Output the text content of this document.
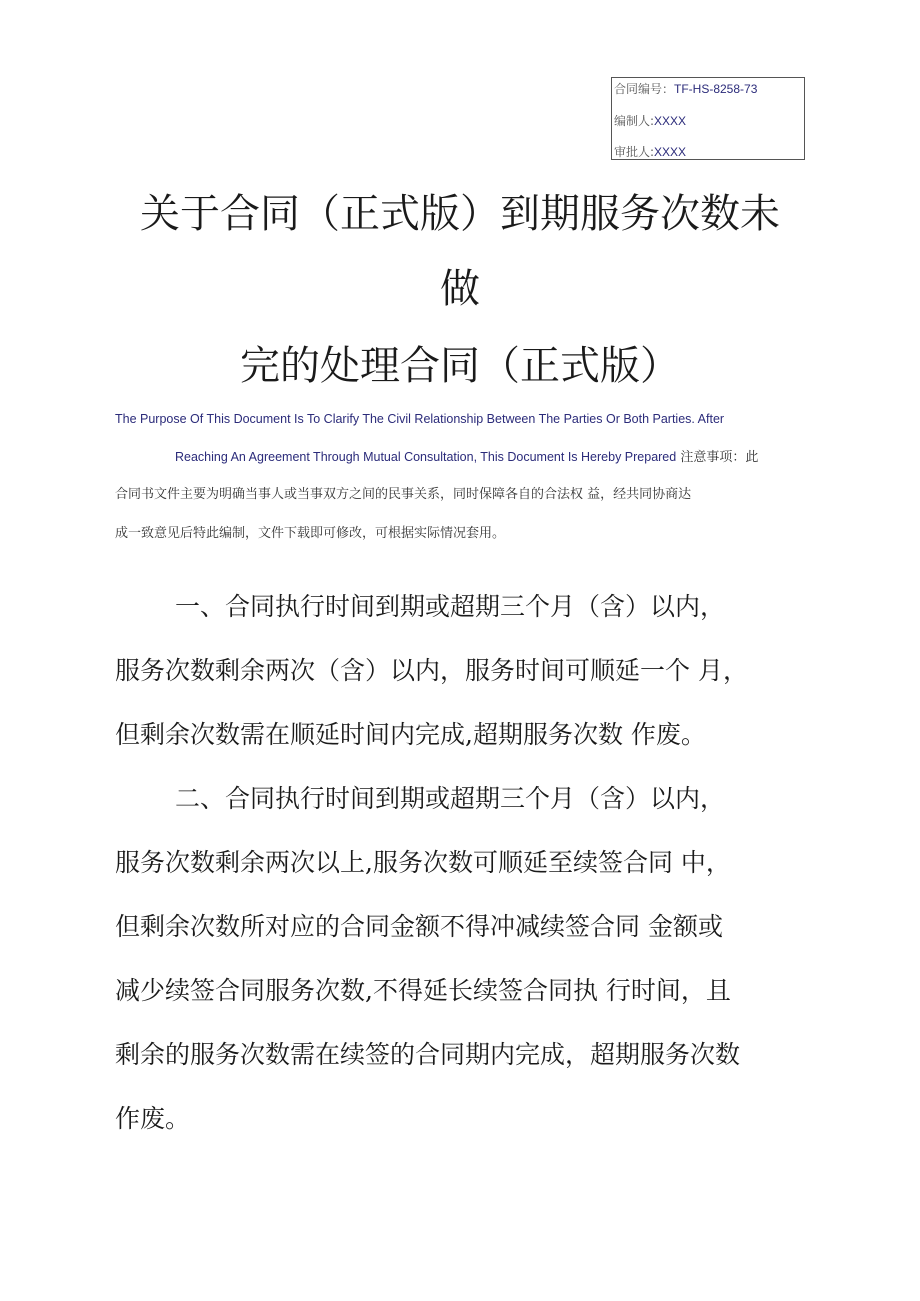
合同编号：TF-HS-8258-73
编制人:XXXX
审批人:XXXX
关于合同（正式版）到期服务次数未
做
完的处理合同（正式版）
The Purpose Of This Document Is To Clarify The Civil Relationship Between The Parties Or Both Parties. After
Reaching An Agreement Through Mutual Consultation, This Document Is Hereby Prepared 注意事项：此
合同书文件主要为明确当事人或当事双方之间的民事关系，同时保障各自的合法权 益，经共同协商达
成一致意见后特此编制，文件下载即可修改，可根据实际情况套用。
一、合同执行时间到期或超期三个月（含）以内，
服务次数剩余两次（含）以内，服务时间可顺延一个 月，
但剩余次数需在顺延时间内完成,超期服务次数 作废。
二、合同执行时间到期或超期三个月（含）以内，
服务次数剩余两次以上,服务次数可顺延至续签合同 中，
但剩余次数所对应的合同金额不得冲减续签合同 金额或
减少续签合同服务次数,不得延长续签合同执 行时间，且
剩余的服务次数需在续签的合同期内完成，超期服务次数
作废。
